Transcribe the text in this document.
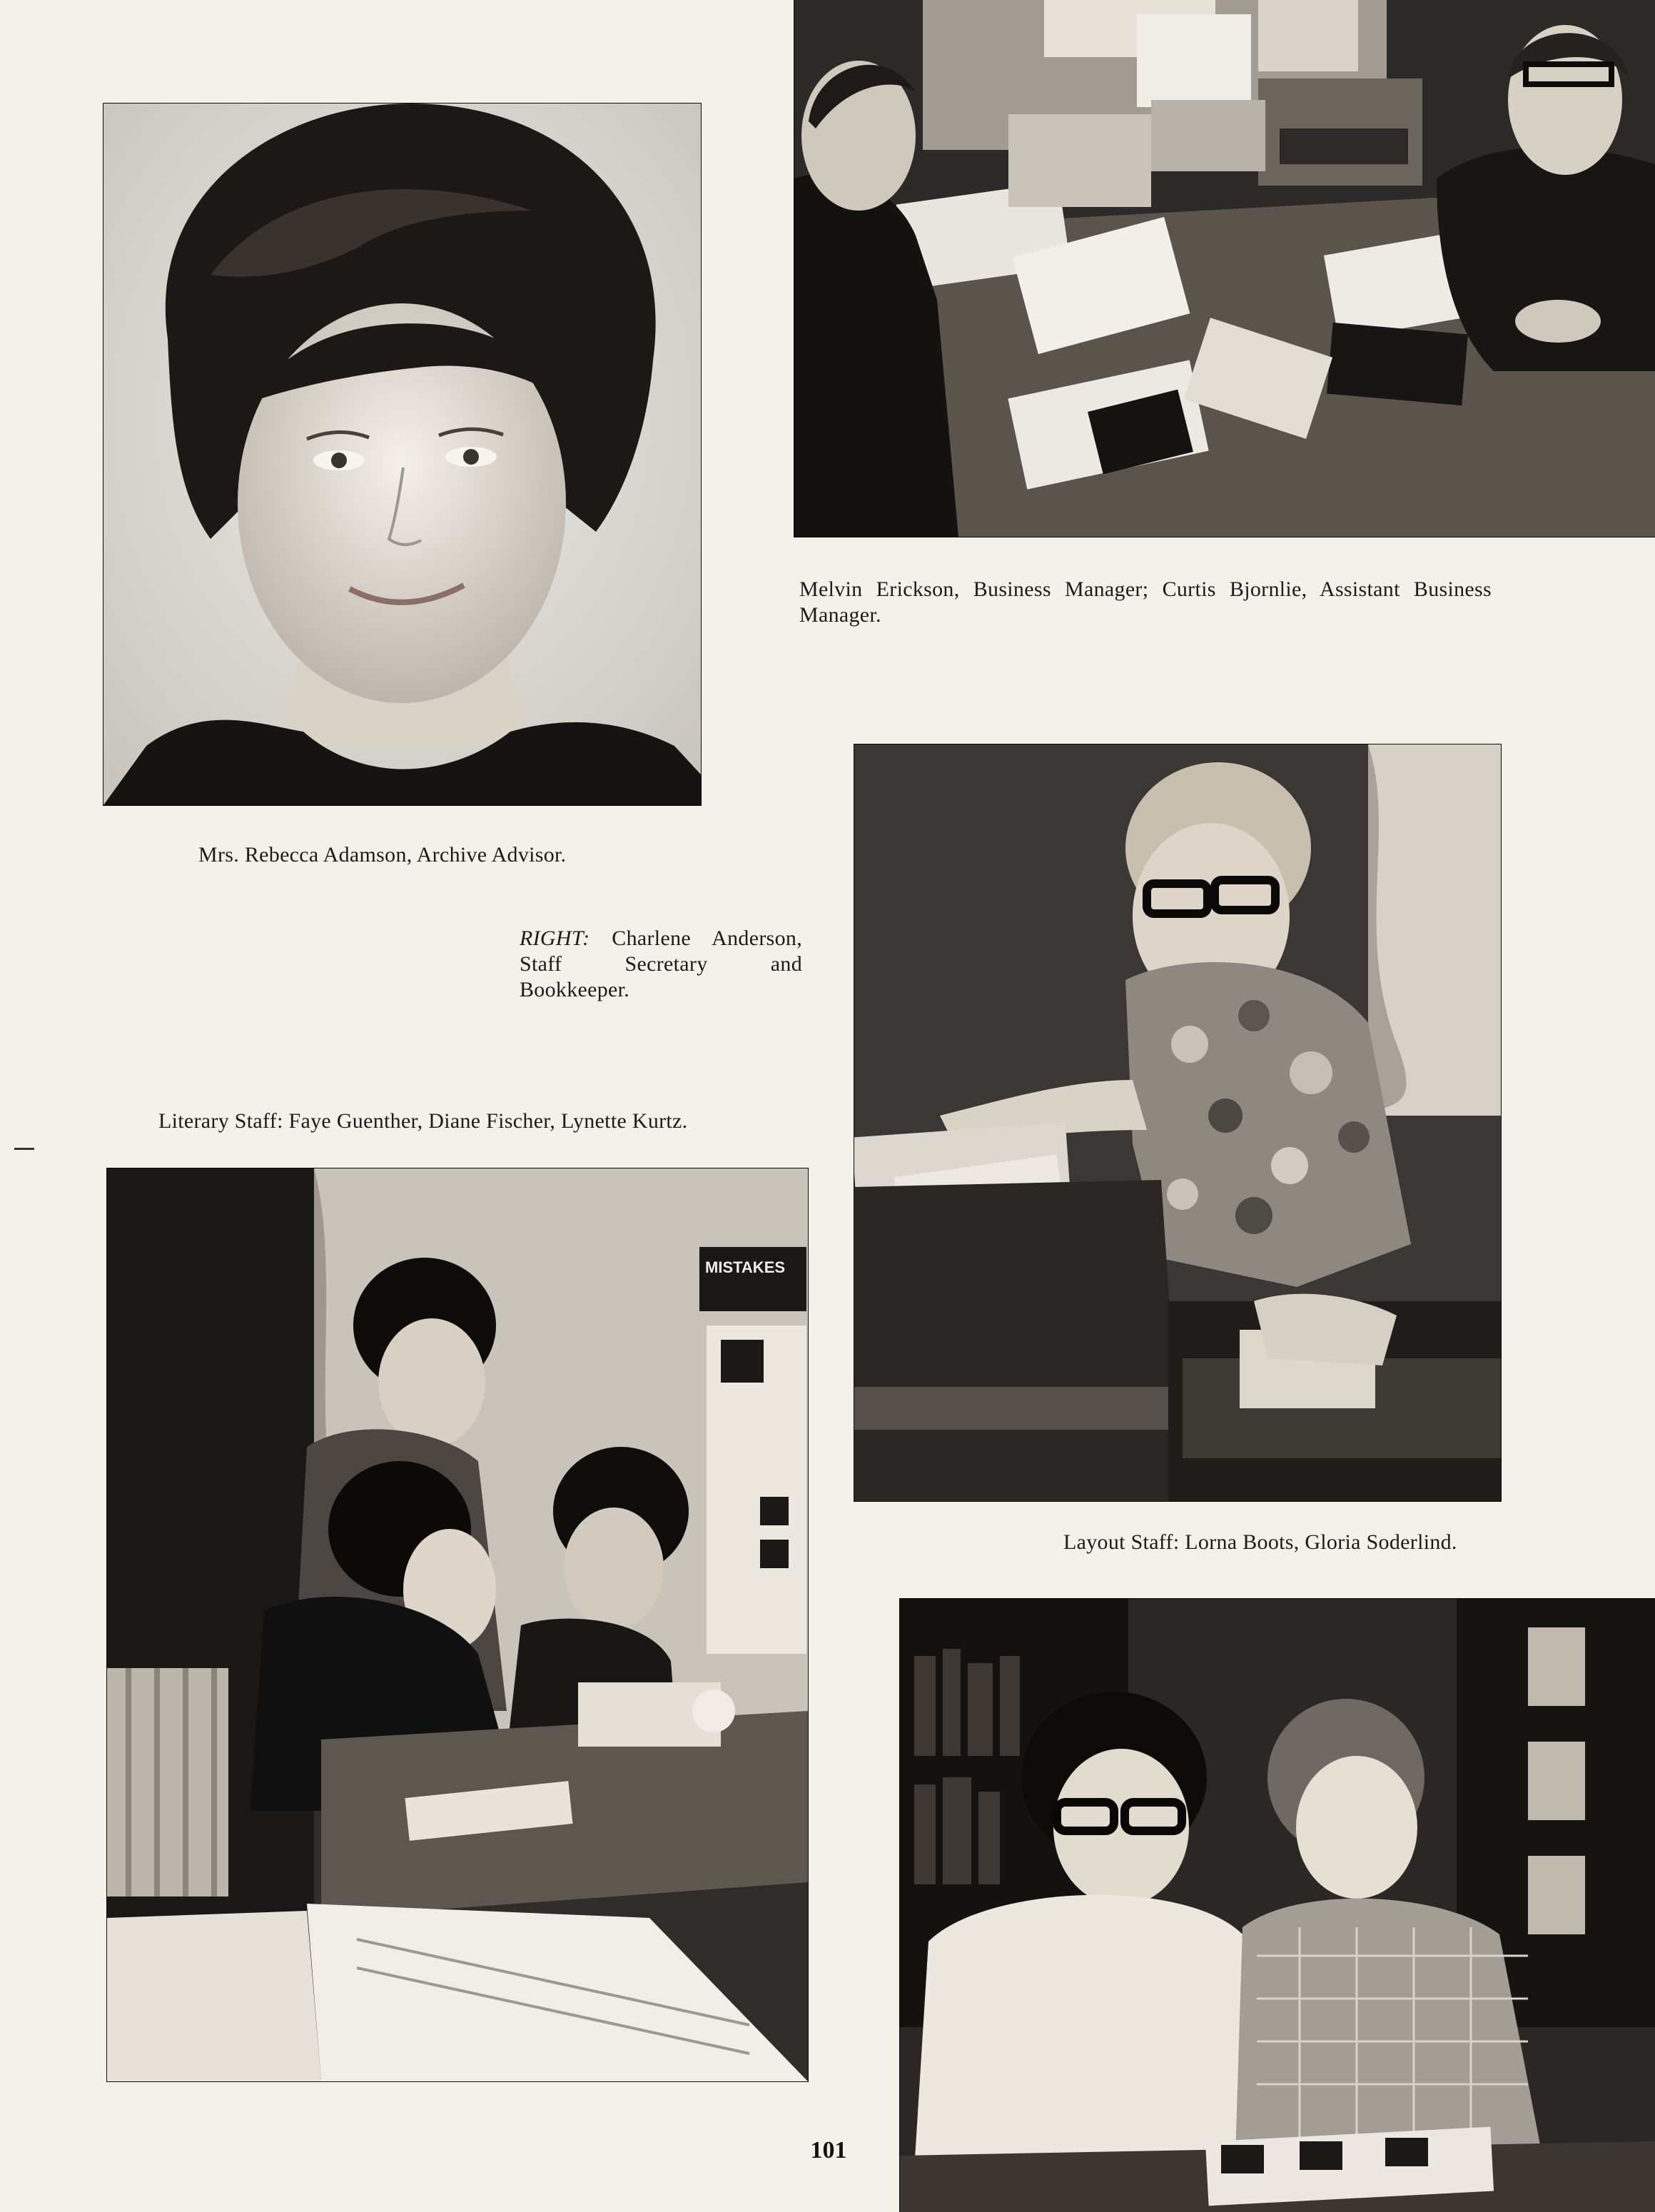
MISTAKES
Melvin Erickson, Business Manager; Curtis Bjornlie, Assistant Business Manager.
Mrs. Rebecca Adamson, Archive Advisor.
RIGHT: Charlene Anderson, Staff Secretary and Bookkeeper.
Literary Staff: Faye Guenther, Diane Fischer, Lynette Kurtz.
Layout Staff: Lorna Boots, Gloria Soderlind.
101
